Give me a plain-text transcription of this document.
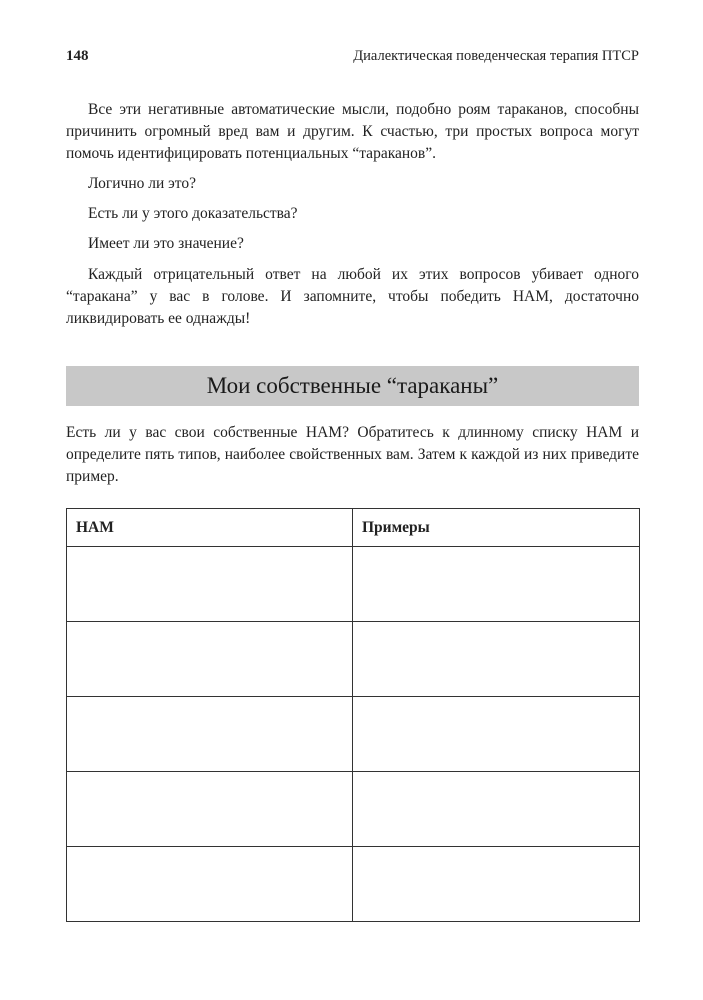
148	Диалектическая поведенческая терапия ПТСР

Все эти негативные автоматические мысли, подобно роям тараканов, способны причинить огромный вред вам и другим. К счастью, три простых вопроса могут помочь идентифицировать потенциальных “тараканов”.

Логично ли это?

Есть ли у этого доказательства?

Имеет ли это значение?

Каждый отрицательный ответ на любой их этих вопросов убивает одного “таракана” у вас в голове. И запомните, чтобы победить НАМ, достаточно ликвидировать ее однажды!

Мои собственные “тараканы”

Есть ли у вас свои собственные НАМ? Обратитесь к длинному списку НАМ и определите пять типов, наиболее свойственных вам. Затем к каждой из них приведите пример.

НАМ	Примеры
